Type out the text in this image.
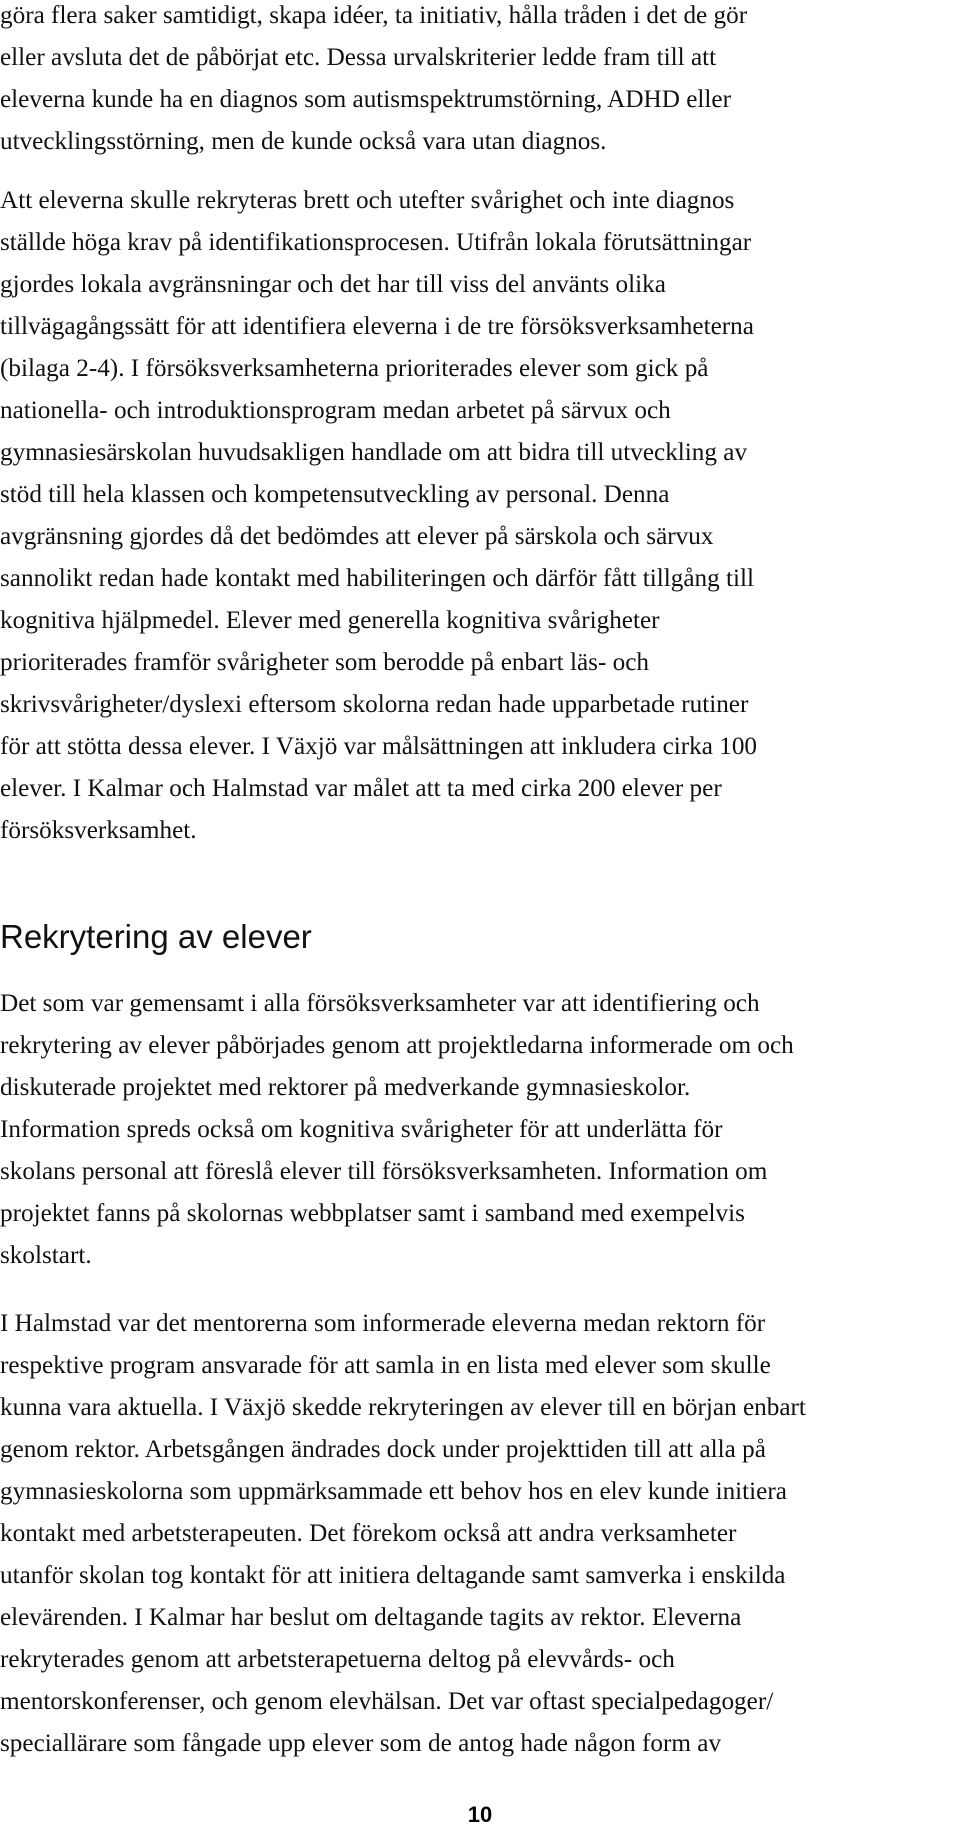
göra flera saker samtidigt, skapa idéer, ta initiativ, hålla tråden i det de gör
eller avsluta det de påbörjat etc. Dessa urvalskriterier ledde fram till att
eleverna kunde ha en diagnos som autismspektrumstörning, ADHD eller
utvecklingsstörning, men de kunde också vara utan diagnos.
Att eleverna skulle rekryteras brett och utefter svårighet och inte diagnos
ställde höga krav på identifikationsprocesen. Utifrån lokala förutsättningar
gjordes lokala avgränsningar och det har till viss del använts olika
tillvägagångssätt för att identifiera eleverna i de tre försöksverksamheterna
(bilaga 2-4). I försöksverksamheterna prioriterades elever som gick på
nationella- och introduktionsprogram medan arbetet på särvux och
gymnasiesärskolan huvudsakligen handlade om att bidra till utveckling av
stöd till hela klassen och kompetensutveckling av personal. Denna
avgränsning gjordes då det bedömdes att elever på särskola och särvux
sannolikt redan hade kontakt med habiliteringen och därför fått tillgång till
kognitiva hjälpmedel. Elever med generella kognitiva svårigheter
prioriterades framför svårigheter som berodde på enbart läs- och
skrivsvårigheter/dyslexi eftersom skolorna redan hade upparbetade rutiner
för att stötta dessa elever. I Växjö var målsättningen att inkludera cirka 100
elever. I Kalmar och Halmstad var målet att ta med cirka 200 elever per
försöksverksamhet.
Rekrytering av elever
Det som var gemensamt i alla försöksverksamheter var att identifiering och
rekrytering av elever påbörjades genom att projektledarna informerade om och
diskuterade projektet med rektorer på medverkande gymnasieskolor.
Information spreds också om kognitiva svårigheter för att underlätta för
skolans personal att föreslå elever till försöksverksamheten. Information om
projektet fanns på skolornas webbplatser samt i samband med exempelvis
skolstart.
I Halmstad var det mentorerna som informerade eleverna medan rektorn för
respektive program ansvarade för att samla in en lista med elever som skulle
kunna vara aktuella. I Växjö skedde rekryteringen av elever till en början enbart
genom rektor. Arbetsgången ändrades dock under projekttiden till att alla på
gymnasieskolorna som uppmärksammade ett behov hos en elev kunde initiera
kontakt med arbetsterapeuten. Det förekom också att andra verksamheter
utanför skolan tog kontakt för att initiera deltagande samt samverka i enskilda
elevärenden. I Kalmar har beslut om deltagande tagits av rektor. Eleverna
rekryterades genom att arbetsterapetuerna deltog på elevvårds- och
mentorskonferenser, och genom elevhälsan. Det var oftast specialpedagoger/
speciallärare som fångade upp elever som de antog hade någon form av
10
